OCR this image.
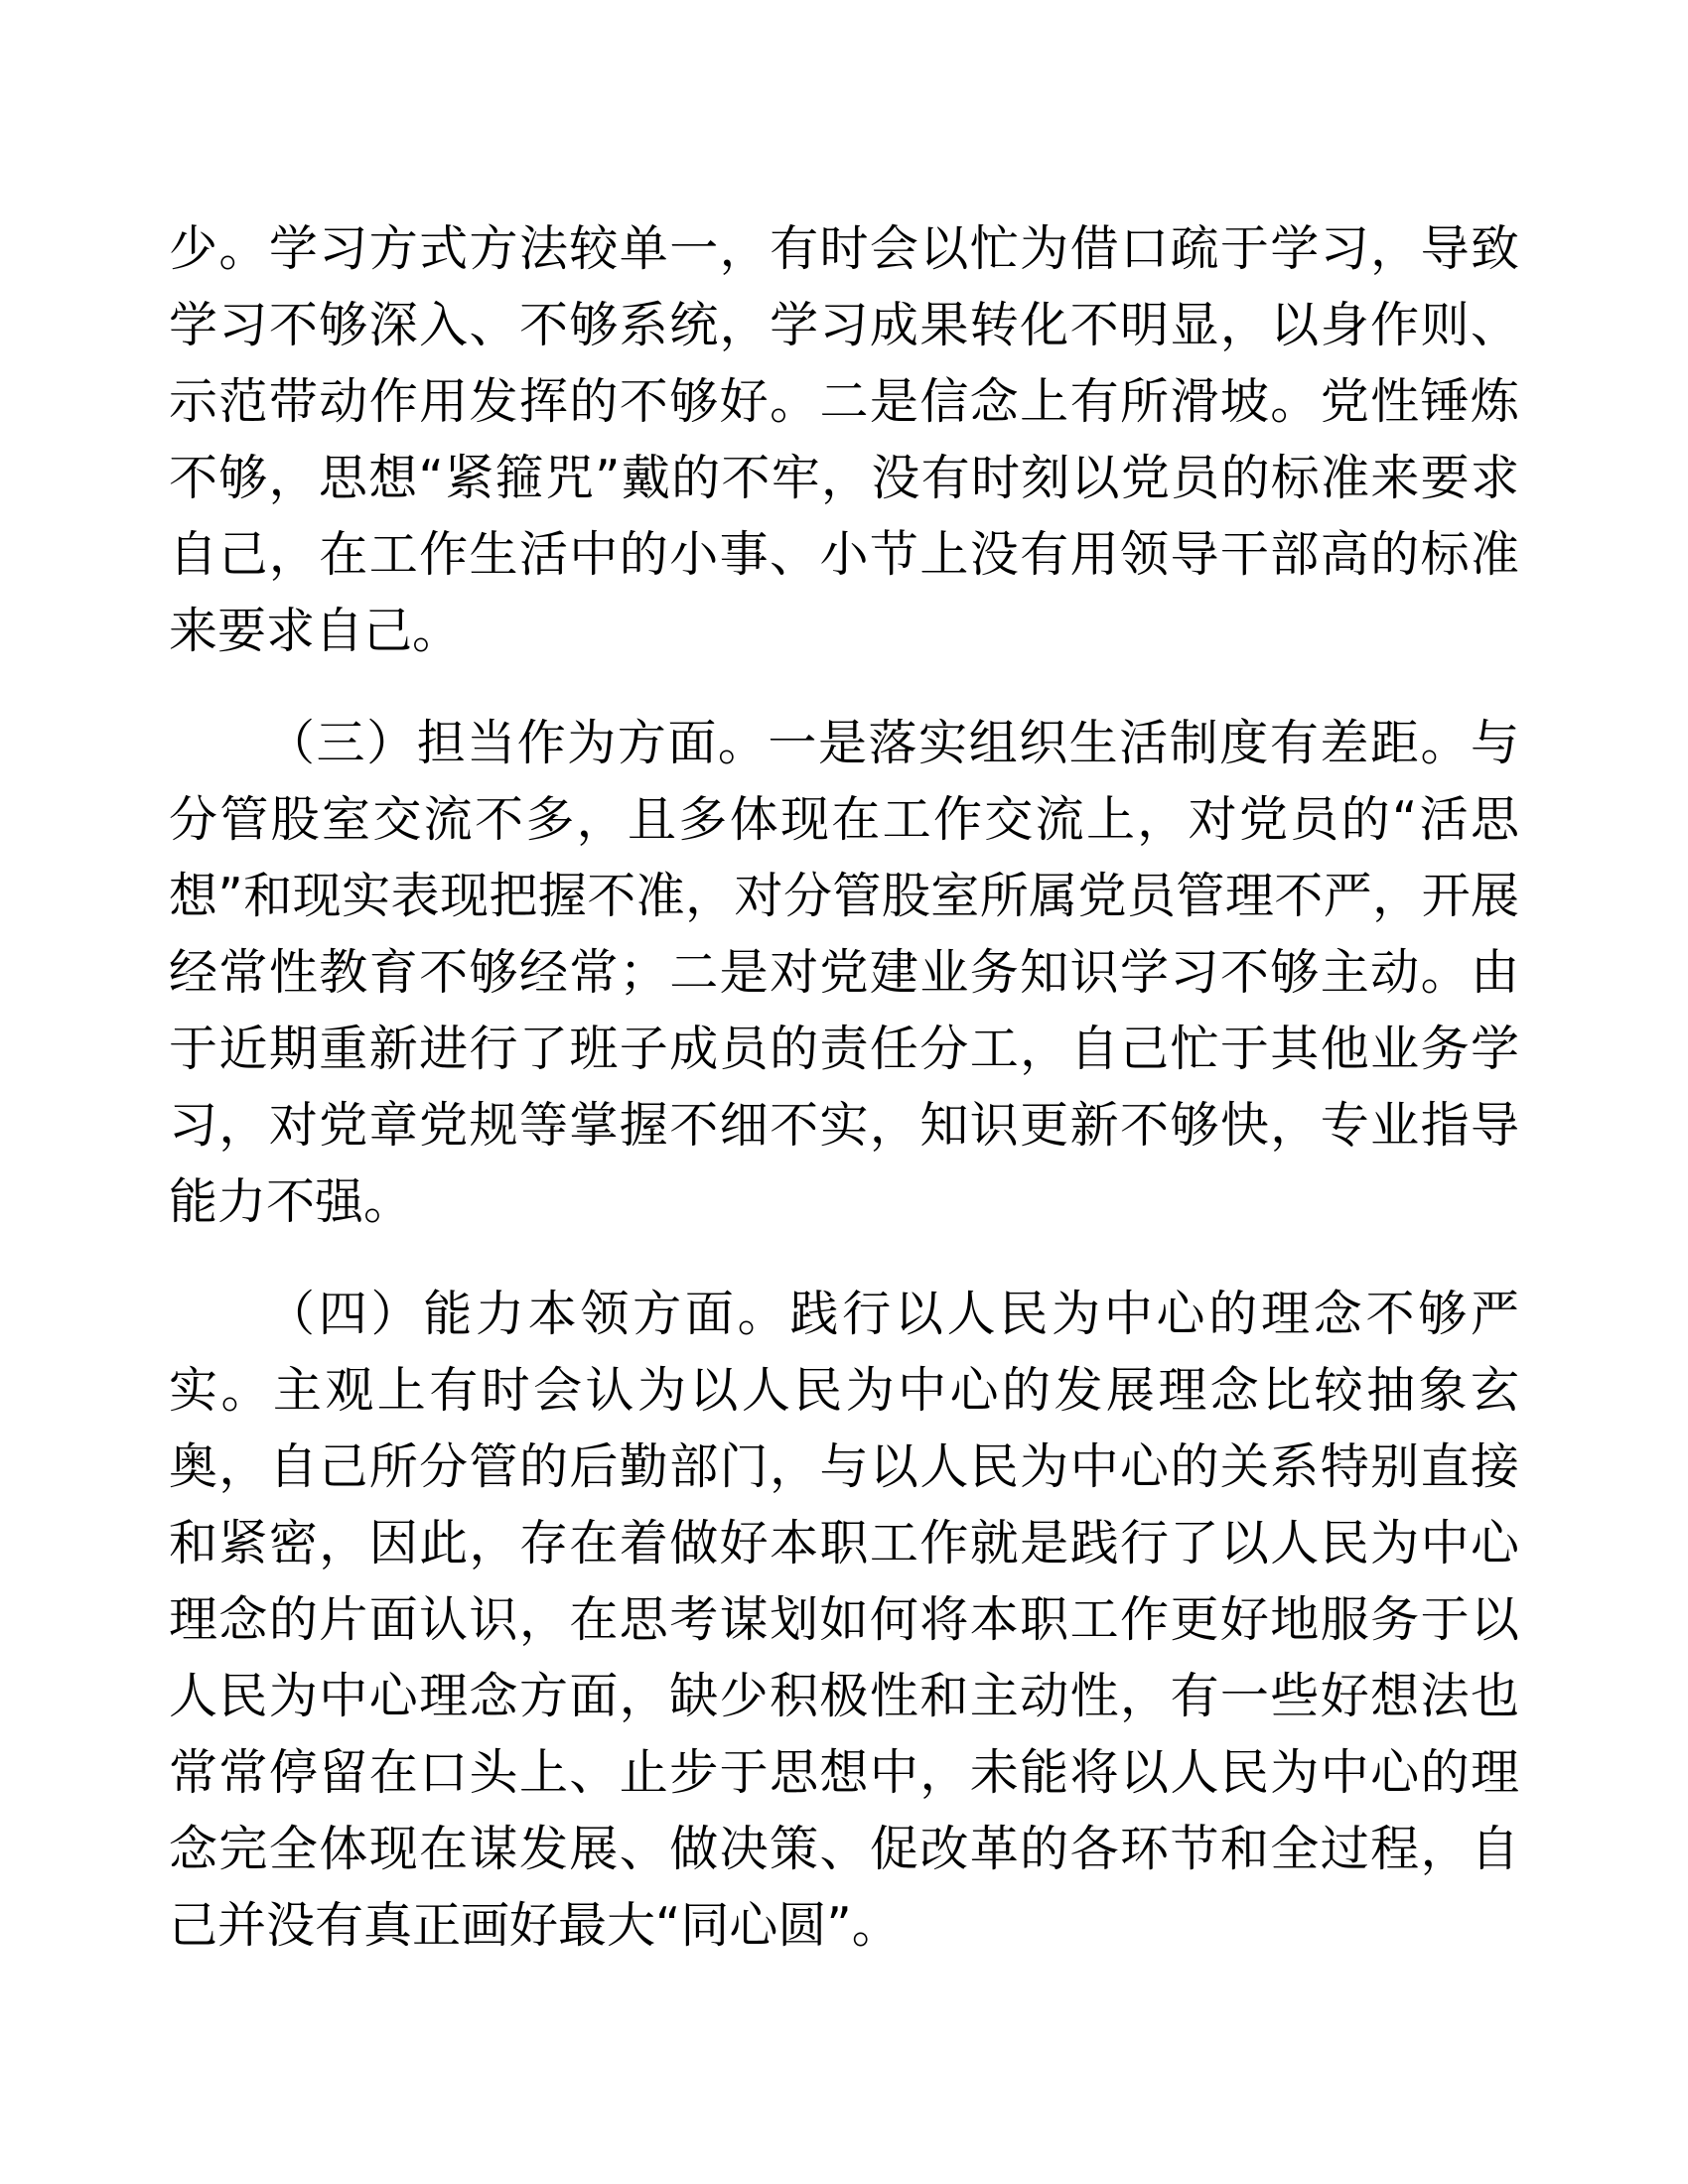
少。学习方式方法较单一，有时会以忙为借口疏于学习，导致学习不够深入、不够系统，学习成果转化不明显，以身作则、示范带动作用发挥的不够好。二是信念上有所滑坡。党性锤炼不够，思想“紧箍咒”戴的不牢，没有时刻以党员的标准来要求自己，在工作生活中的小事、小节上没有用领导干部高的标准来要求自己。

（三）担当作为方面。一是落实组织生活制度有差距。与分管股室交流不多，且多体现在工作交流上，对党员的“活思想”和现实表现把握不准，对分管股室所属党员管理不严，开展经常性教育不够经常；二是对党建业务知识学习不够主动。由于近期重新进行了班子成员的责任分工，自己忙于其他业务学习，对党章党规等掌握不细不实，知识更新不够快，专业指导能力不强。

（四）能力本领方面。践行以人民为中心的理念不够严实。主观上有时会认为以人民为中心的发展理念比较抽象玄奥，自己所分管的后勤部门，与以人民为中心的关系特别直接和紧密，因此，存在着做好本职工作就是践行了以人民为中心理念的片面认识，在思考谋划如何将本职工作更好地服务于以人民为中心理念方面，缺少积极性和主动性，有一些好想法也常常停留在口头上、止步于思想中，未能将以人民为中心的理念完全体现在谋发展、做决策、促改革的各环节和全过程，自己并没有真正画好最大“同心圆”。
